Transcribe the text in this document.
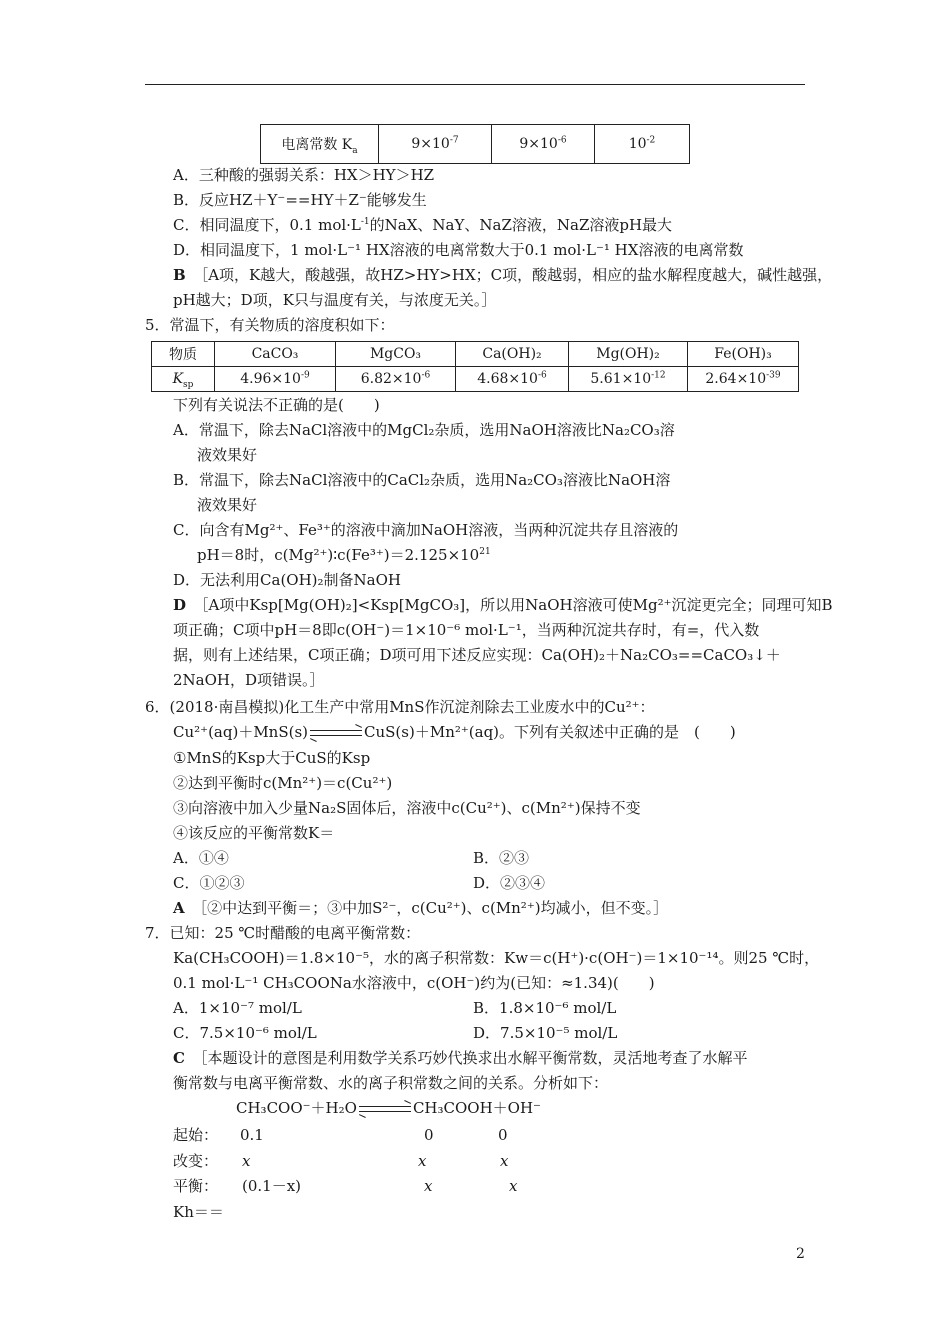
电离常数 $K_a$	$9\times 10^{-7}$	$9\times 10^{-6}$	$10^{-2}$
A．三种酸的强弱关系：HX＞HY＞HZ
B．反应HZ＋Y⁻==HY＋Z⁻能够发生
C．相同温度下，0.1 $mol\cdot L^{-1}$的NaX、NaY、NaZ溶液，NaZ溶液pH最大
D．相同温度下，1 mol·L⁻¹ HX溶液的电离常数大于0.1 mol·L⁻¹ HX溶液的电离常数
B　 ［A项，K越大，酸越强，故HZ>HY>HX；C项，酸越弱，相应的盐水解程度越大，碱性越强，
pH越大；D项，K只与温度有关，与浓度无关。］
5．常温下，有关物质的溶度积如下：
物质	CaCO₃	MgCO₃	Ca(OH)₂	Mg(OH)₂	Fe(OH)₃
$K_{sp}$	$4.96\times 10^{-9}$	$6.82\times 10^{-6}$	$4.68\times 10^{-6}$	$5.61\times 10^{-12}$	$2.64\times 10^{-39}$
下列有关说法不正确的是(　　)
A．常温下，除去NaCl溶液中的MgCl₂杂质，选用NaOH溶液比Na₂CO₃溶
液效果好
B．常温下，除去NaCl溶液中的CaCl₂杂质，选用Na₂CO₃溶液比NaOH溶
液效果好
C．向含有Mg²⁺、Fe³⁺的溶液中滴加NaOH溶液，当两种沉淀共存且溶液的
pH＝8时，$c(Mg^{2+})∶c(Fe^{3+})=2.125\times 10^{21}$
D．无法利用Ca(OH)₂制备NaOH
D　 ［A项中Ksp[Mg(OH)₂]<Ksp[MgCO₃]，所以用NaOH溶液可使Mg²⁺沉淀更完全；同理可知B
项正确；C项中pH＝8即c(OH⁻)＝1×10⁻⁶ mol·L⁻¹，当两种沉淀共存时，有=，代入数
据，则有上述结果，C项正确；D项可用下述反应实现：Ca(OH)₂＋Na₂CO₃==CaCO₃↓＋
2NaOH，D项错误。］
6．(2018·南昌模拟)化工生产中常用MnS作沉淀剂除去工业废水中的Cu²⁺：
Cu²⁺(aq)＋MnS(s) → CuS(s)＋Mn²⁺(aq)。下列有关叙述中正确的是　(　　)
①MnS的Ksp大于CuS的Ksp
②达到平衡时c(Mn²⁺)＝c(Cu²⁺)
③向溶液中加入少量Na₂S固体后，溶液中c(Cu²⁺)、c(Mn²⁺)保持不变
④该反应的平衡常数K＝
A．①④	B．②③
C．①②③	D．②③④
A　 ［②中达到平衡＝；③中加S²⁻，c(Cu²⁺)、c(Mn²⁺)均减小，但不变。］
7．已知：25 ℃时醋酸的电离平衡常数：
Ka(CH₃COOH)＝1.8×10⁻⁵，水的离子积常数：Kw＝c(H⁺)·c(OH⁻)＝1×10⁻¹⁴。则25 ℃时，
0.1 mol·L⁻¹ CH₃COONa水溶液中，c(OH⁻)约为(已知：≈1.34)(　　)
A．1×10⁻⁷ mol/L	B．1.8×10⁻⁶ mol/L
C．7.5×10⁻⁶ mol/L	D．7.5×10⁻⁵ mol/L
C　 ［本题设计的意图是利用数学关系巧妙代换求出水解平衡常数，灵活地考查了水解平
衡常数与电离平衡常数、水的离子积常数之间的关系。分析如下：
CH₃COO⁻＋H₂O → CH₃COOH＋OH⁻
起始： 0.1	0	0
改变： x	x	x
平衡： (0.1－x)	x	x
Kh＝＝
2
